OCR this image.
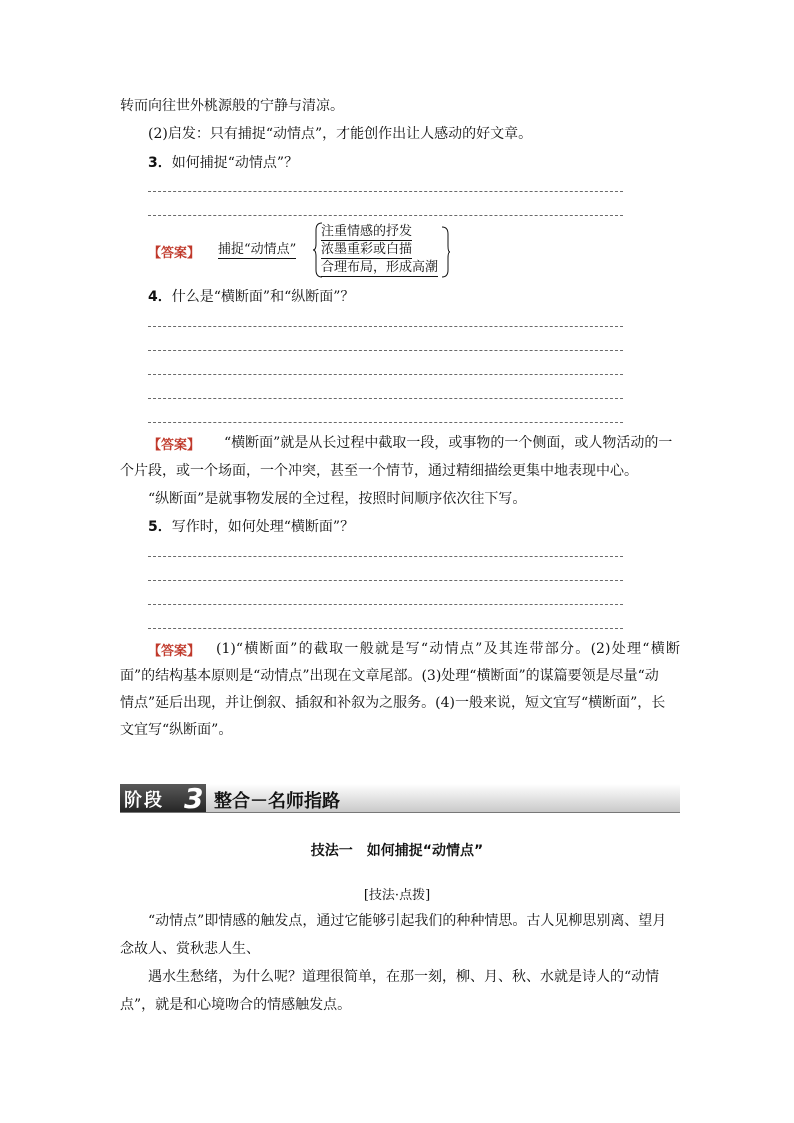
转而向往世外桃源般的宁静与清凉。
(2)启发：只有捕捉“动情点”，才能创作出让人感动的好文章。
3．如何捕捉“动情点”？
【答案】 捕捉“动情点”
注重情感的抒发
浓墨重彩或白描
合理布局，形成高潮
4．什么是“横断面”和“纵断面”？
【答案】 “横断面”就是从长过程中截取一段，或事物的一个侧面，或人物活动的一
个片段，或一个场面，一个冲突，甚至一个情节，通过精细描绘更集中地表现中心。
“纵断面”是就事物发展的全过程，按照时间顺序依次往下写。
5．写作时，如何处理“横断面”？
【答案】 (1)“横断面”的截取一般就是写“动情点”及其连带部分。(2)处理“横断
面”的结构基本原则是“动情点”出现在文章尾部。(3)处理“横断面”的谋篇要领是尽量“动
情点”延后出现，并让倒叙、插叙和补叙为之服务。(4)一般来说，短文宜写“横断面”，长
文宜写“纵断面”。
阶段 3 整合－名师指路
技法一　如何捕捉“动情点”
[技法·点拨]
“动情点”即情感的触发点，通过它能够引起我们的种种情思。古人见柳思别离、望月
念故人、赏秋悲人生、
遇水生愁绪，为什么呢？道理很简单，在那一刻，柳、月、秋、水就是诗人的“动情
点”，就是和心境吻合的情感触发点。
